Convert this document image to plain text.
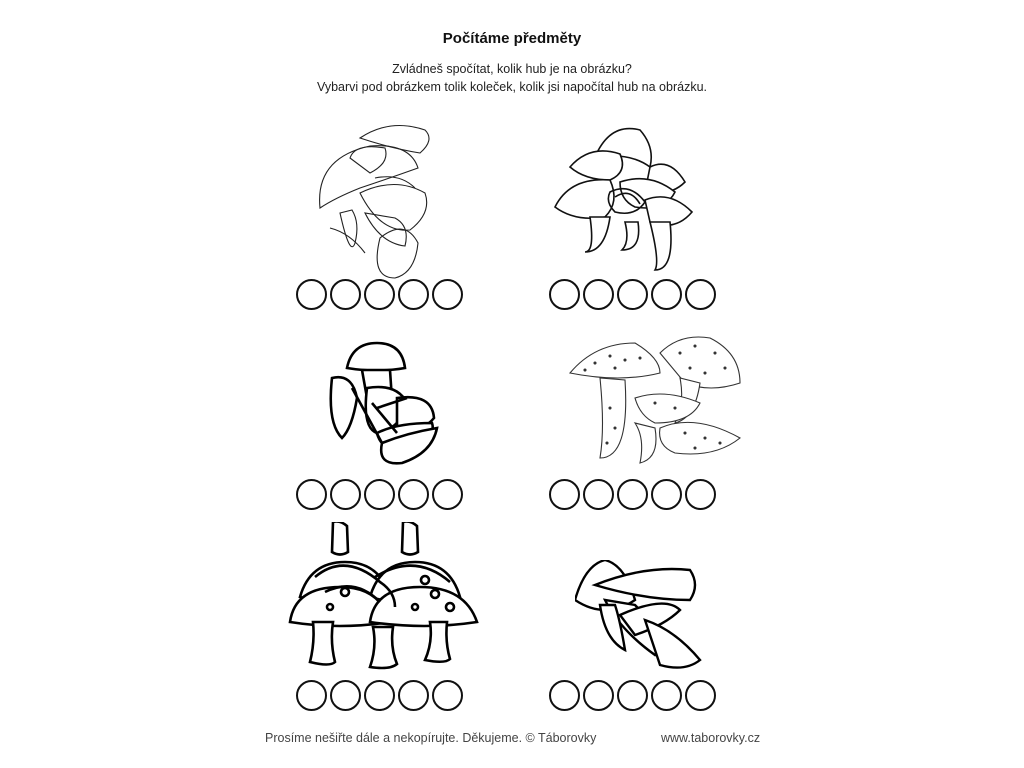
Počítáme předměty
Zvládneš spočítat, kolik hub je na obrázku?
Vybarvi pod obrázkem tolik koleček, kolik jsi napočítal hub na obrázku.
Prosíme nešiřte dále a nekopírujte. Děkujeme. © Táborovky	www.taborovky.cz
